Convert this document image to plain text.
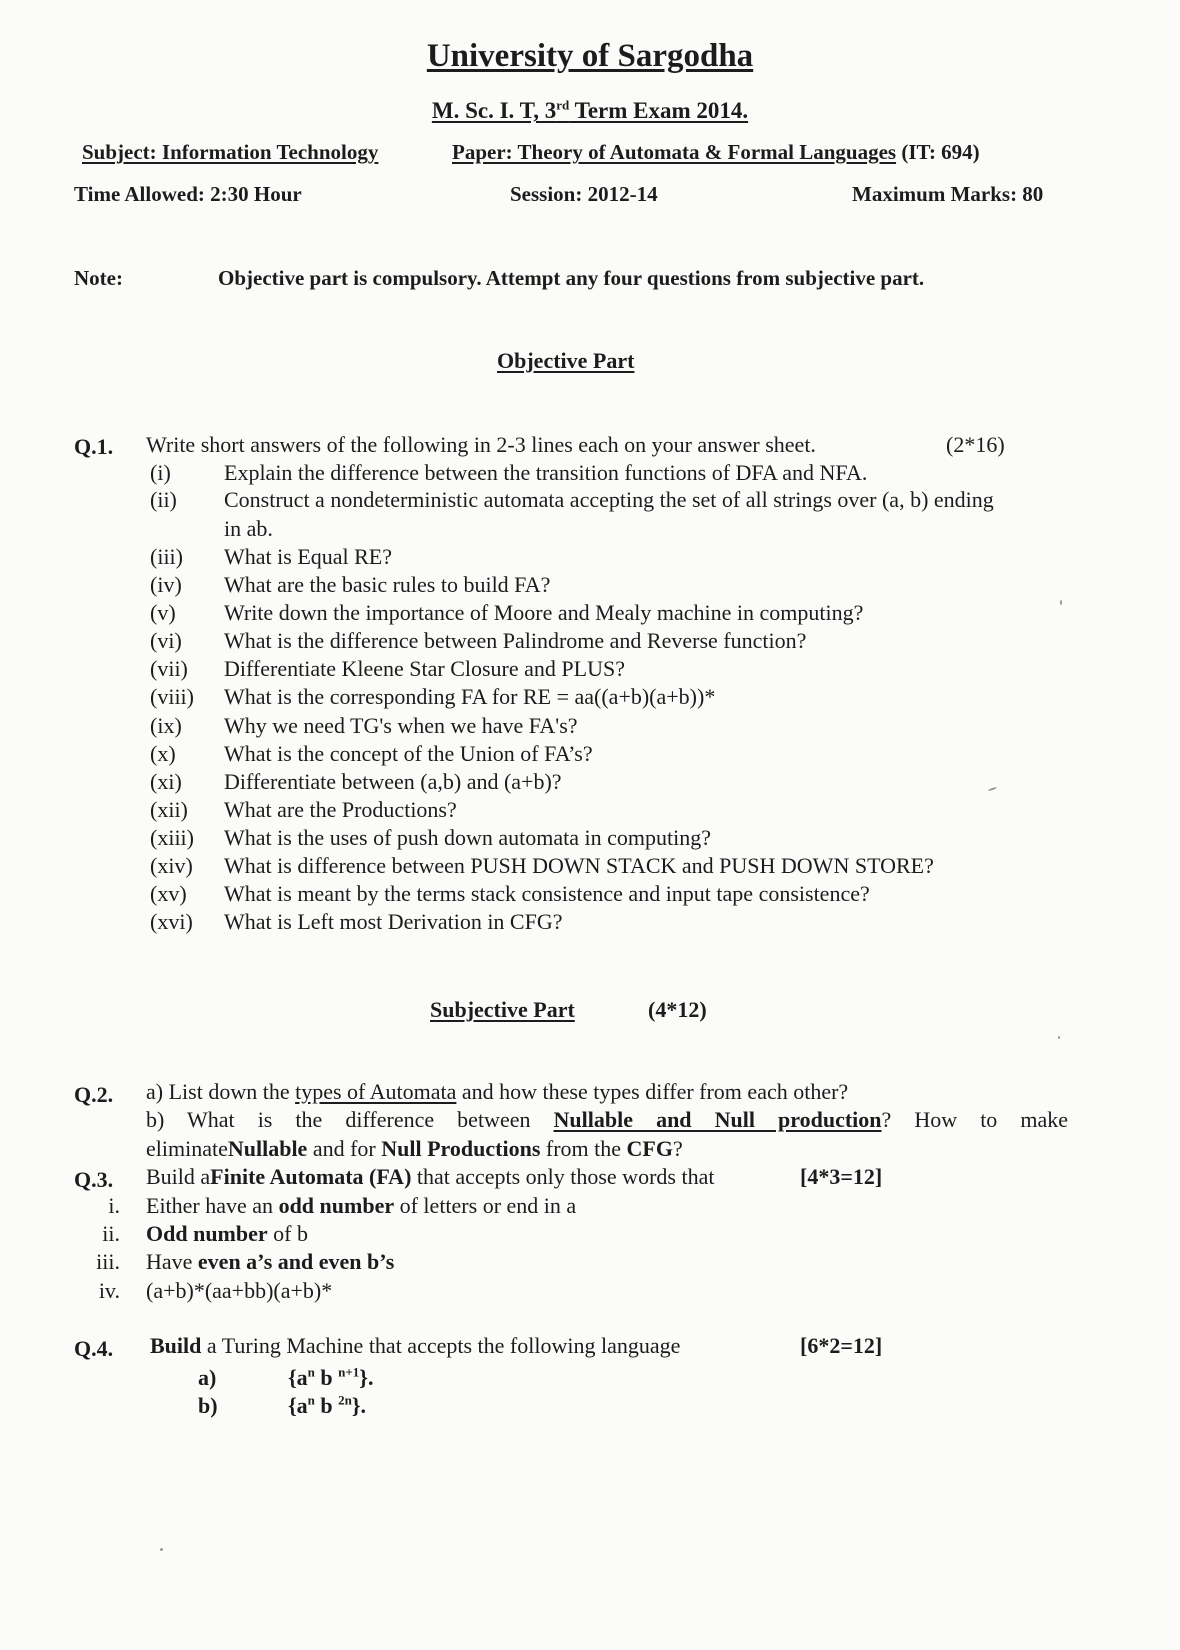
University of Sargodha
M. Sc. I. T, 3rd Term Exam 2014.
Subject: Information Technology	Paper: Theory of Automata & Formal Languages (IT: 694)
Time Allowed: 2:30 Hour	Session: 2012-14	Maximum Marks: 80
Note:	Objective part is compulsory. Attempt any four questions from subjective part.
Objective Part
Q.1. Write short answers of the following in 2-3 lines each on your answer sheet.	(2*16)
(i) Explain the difference between the transition functions of DFA and NFA.
(ii) Construct a nondeterministic automata accepting the set of all strings over (a, b) ending
in ab.
(iii) What is Equal RE?
(iv) What are the basic rules to build FA?
(v) Write down the importance of Moore and Mealy machine in computing?
(vi) What is the difference between Palindrome and Reverse function?
(vii) Differentiate Kleene Star Closure and PLUS?
(viii) What is the corresponding FA for RE = aa((a+b)(a+b))*
(ix) Why we need TG's when we have FA's?
(x) What is the concept of the Union of FA’s?
(xi) Differentiate between (a,b) and (a+b)?
(xii) What are the Productions?
(xiii) What is the uses of push down automata in computing?
(xiv) What is difference between PUSH DOWN STACK and PUSH DOWN STORE?
(xv) What is meant by the terms stack consistence and input tape consistence?
(xvi) What is Left most Derivation in CFG?
Subjective Part	(4*12)
Q.2. a) List down the types of Automata and how these types differ from each other?
b) What is the difference between Nullable and Null production? How to make
eliminateNullable and for Null Productions from the CFG?
Q.3. Build aFinite Automata (FA) that accepts only those words that	[4*3=12]
i. Either have an odd number of letters or end in a
ii. Odd number of b
iii. Have even a’s and even b’s
iv. (a+b)*(aa+bb)(a+b)*
Q.4. Build a Turing Machine that accepts the following language	[6*2=12]
a)	{$a^n$ b $^{n+1}$}.
b)	{$a^n$ b $^{2n}$}.
